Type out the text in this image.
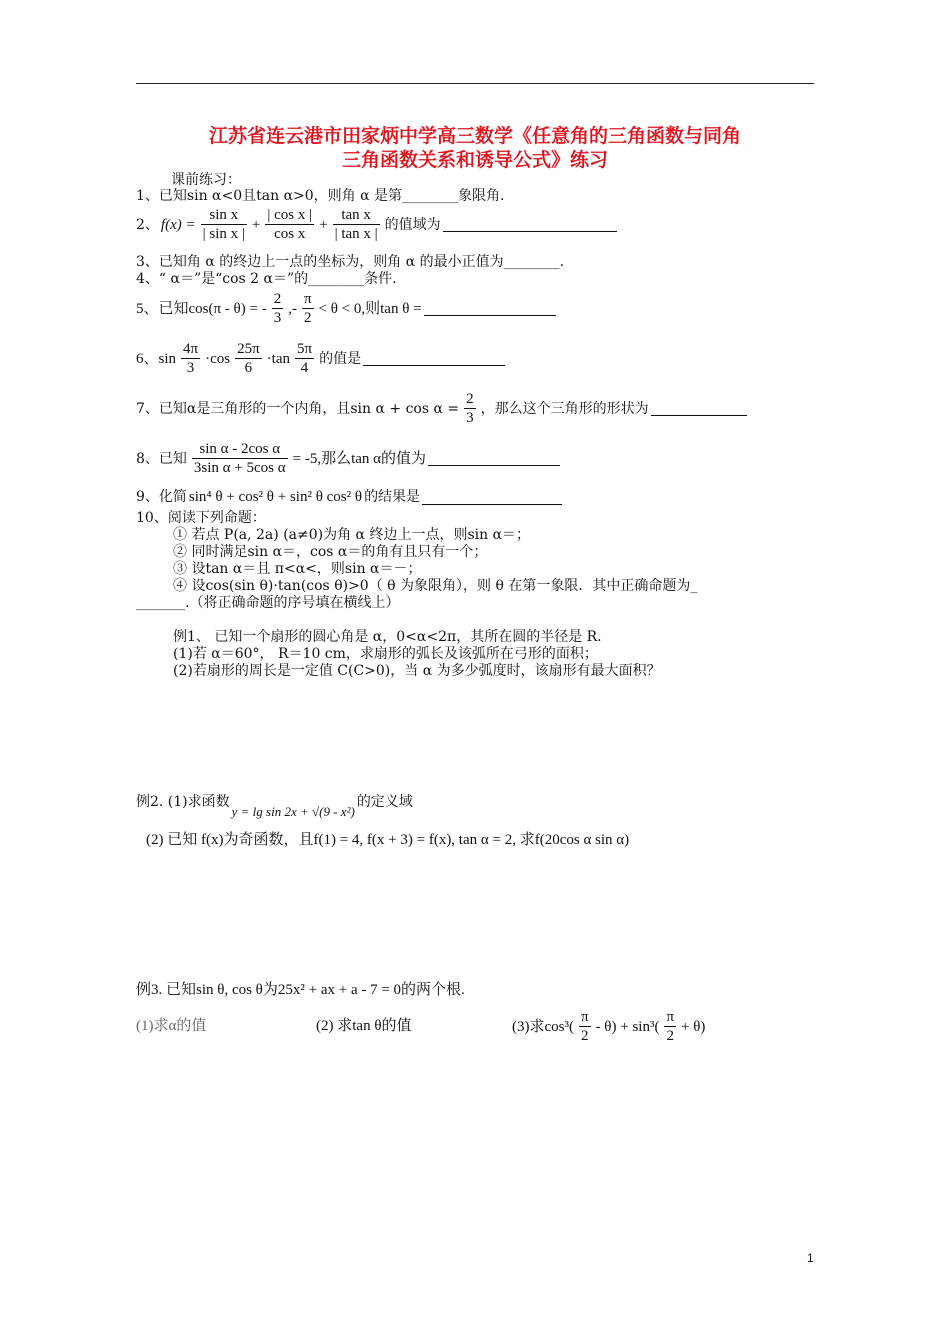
江苏省连云港市田家炳中学高三数学《任意角的三角函数与同角
三角函数关系和诱导公式》练习
课前练习：
1、已知sin α<0且tan α>0，则角 α 是第________象限角.
2、 $f(x) = \frac{\text{sin x}}{\text{| sin x |}} + \frac{\text{| cos x |}}{\text{cos x}} + \frac{\text{tan x}}{\text{| tan x |}}$ 的值域为
3、已知角 α 的终边上一点的坐标为，则角 α 的最小正值为________.
4、“ α＝”是“cos 2 α＝”的________条件.
5、已知cos(π - θ) = - $\frac{2}{3}$ ,- $\frac{\pi}{2} < \theta < 0$,则tan θ =
6、$\sin \frac{4\pi}{3} \cdot\cos \frac{25\pi}{6} \cdot\tan \frac{5\pi}{4}$ 的值是
7、已知α是三角形的一个内角，且$\sin \alpha + \cos \alpha = \frac{2}{3}$ ，那么这个三角形的形状为
8、已知 $\frac{\text{sin α - 2cos α}}{\text{3sin α + 5cos α}} = -5$,那么tan α的值为
9、化简 sin⁴ θ + cos² θ + sin² θ cos² θ 的结果是
10、阅读下列命题：
① 若点 P(a, 2a) (a≠0)为角 α 终边上一点，则sin α＝；
② 同时满足sin α＝，cos α＝的角有且只有一个；
③ 设tan α＝且 π<α<，则sin α＝－；
④ 设cos(sin θ)·tan(cos θ)>0（ θ 为象限角），则 θ 在第一象限．其中正确命题为_
_______.（将正确命题的序号填在横线上）
例1、 已知一个扇形的圆心角是 α，0<α<2π，其所在圆的半径是 R.
(1)若 α＝60°， R＝10 cm，求扇形的弧长及该弧所在弓形的面积；
(2)若扇形的周长是一定值 C(C>0)，当 α 为多少弧度时，该扇形有最大面积？
例2. (1)求函数
y = lg sin 2x + √(9 - x²)
的定义域
(2) 已知 f(x)为奇函数，且f(1) = 4, f(x + 3) = f(x), tan α = 2, 求f(20cos α sin α)
例3. 已知sin θ, cos θ为25x² + ax + a - 7 = 0的两个根.
(1)求α的值	(2) 求tan θ的值	(3)求$\cos^3( \frac{\pi}{2} - \theta) + \sin^3( \frac{\pi}{2} + \theta)$
1
